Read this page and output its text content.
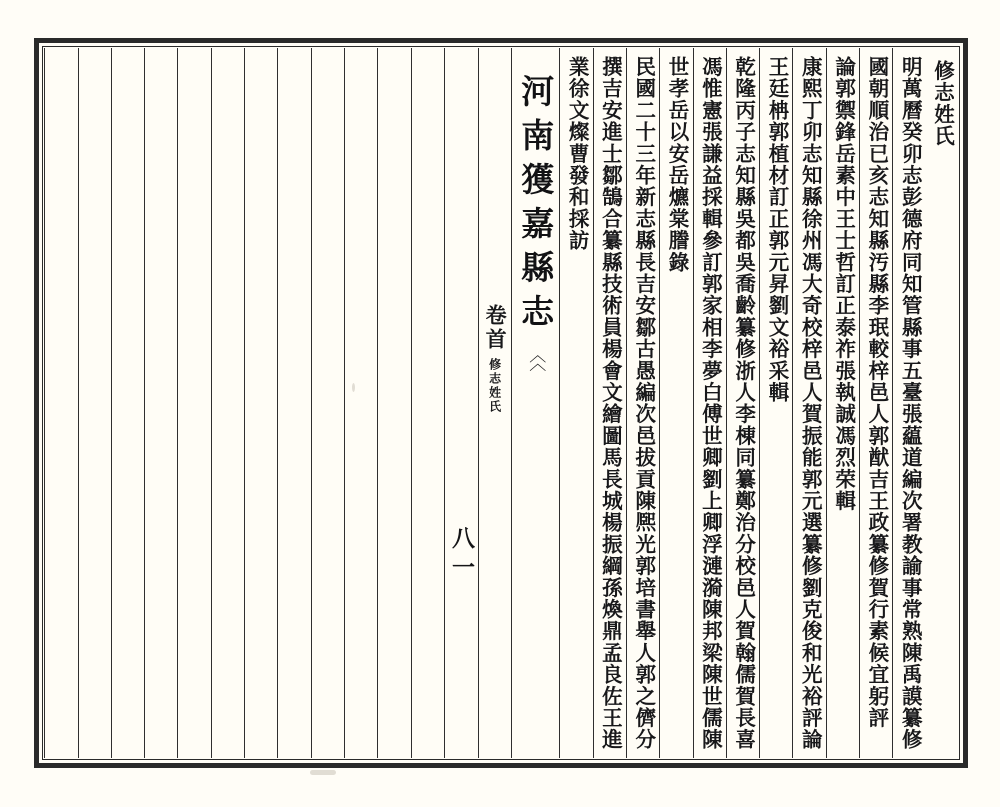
修志姓氏
明萬曆癸卯志彭德府同知管縣事五臺張藴道編次署教諭事常熟陳禹謨纂修
國朝順治已亥志知縣汚縣李珉較梓邑人郭猷吉王政纂修賀行素候宜躬評
論郭禦鋒岳素中王士哲訂正泰祚張執誠馮烈荣輯
康熙丁卯志知縣徐州馮大奇校梓邑人賀振能郭元選纂修劉克俊和光裕評論
王廷柟郭植材訂正郭元昇劉文裕采輯
乾隆丙子志知縣吳都吳喬齡纂修浙人李棟同纂鄭治分校邑人賀翰儒賀長喜
馮惟憲張謙益採輯參訂郭家相李夢白傅世卿劉上卿浮漣漪陳邦梁陳世儒陳
世孝岳以安岳爊棠謄錄
民國二十三年新志縣長吉安鄒古愚編次邑拔貢陳熈光郭培書舉人郭之儕分
撰吉安進士鄒鵠合纂縣技術員楊會文繪圖馬長城楊振綱孫煥鼎孟良佐王進
業徐文燦曹發和採訪
河南獲嘉縣志
〈〈
卷首
修志姓氏
八一
